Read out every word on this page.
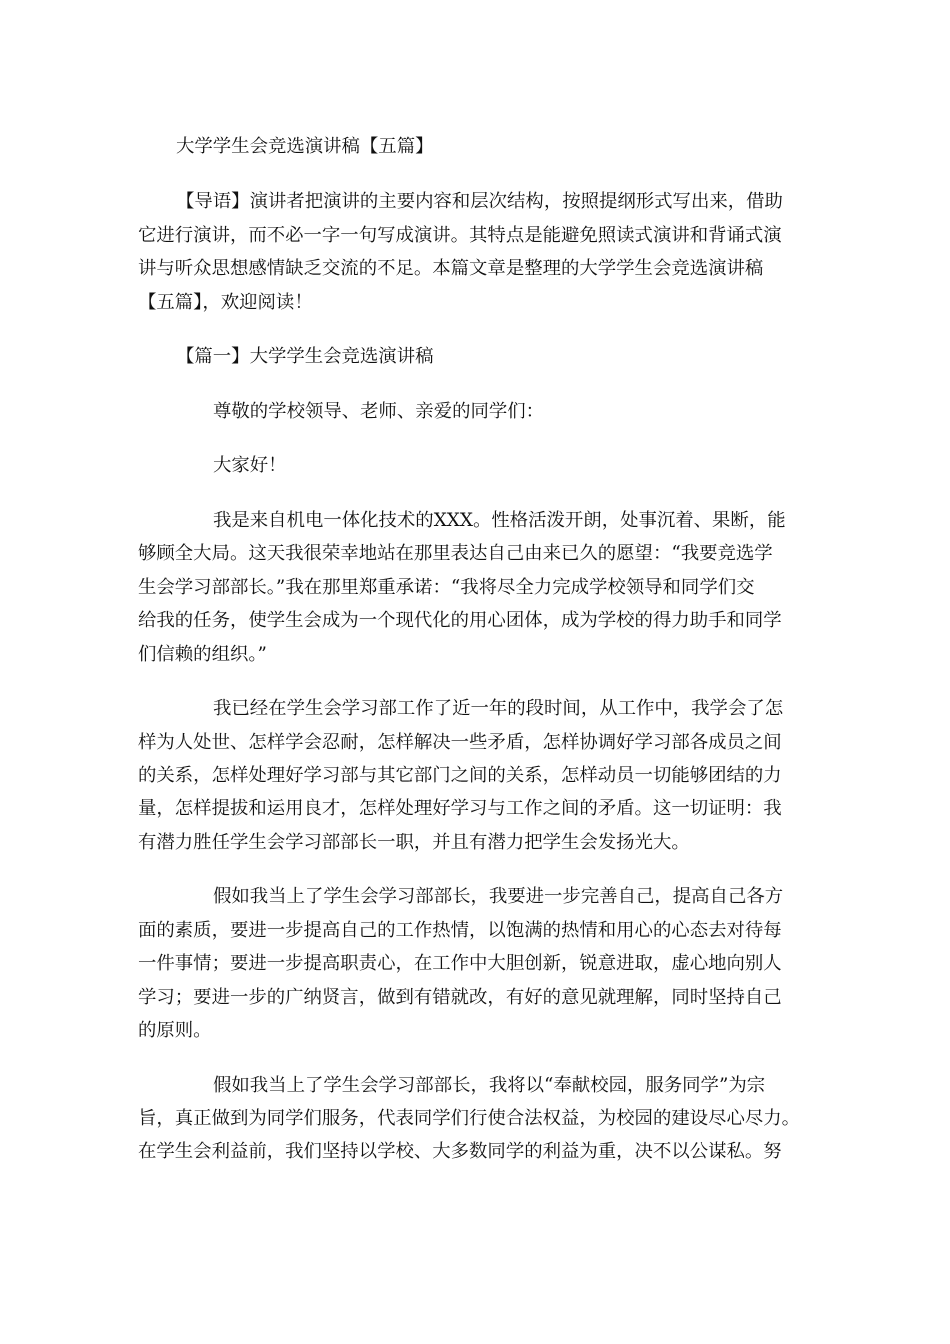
大学学生会竞选演讲稿【五篇】

【导语】演讲者把演讲的主要内容和层次结构，按照提纲形式写出来，借助

它进行演讲，而不必一字一句写成演讲。其特点是能避免照读式演讲和背诵式演

讲与听众思想感情缺乏交流的不足。本篇文章是整理的大学学生会竞选演讲稿

【五篇】，欢迎阅读！

【篇一】大学学生会竞选演讲稿

尊敬的学校领导、老师、亲爱的同学们：

大家好！

我是来自机电一体化技术的XXX。性格活泼开朗，处事沉着、果断，能

够顾全大局。这天我很荣幸地站在那里表达自己由来已久的愿望：“我要竞选学

生会学习部部长。”我在那里郑重承诺：“我将尽全力完成学校领导和同学们交

给我的任务，使学生会成为一个现代化的用心团体，成为学校的得力助手和同学

们信赖的组织。”

我已经在学生会学习部工作了近一年的段时间，从工作中，我学会了怎

样为人处世、怎样学会忍耐，怎样解决一些矛盾，怎样协调好学习部各成员之间

的关系，怎样处理好学习部与其它部门之间的关系，怎样动员一切能够团结的力

量，怎样提拔和运用良才，怎样处理好学习与工作之间的矛盾。这一切证明：我

有潜力胜任学生会学习部部长一职，并且有潜力把学生会发扬光大。

假如我当上了学生会学习部部长，我要进一步完善自己，提高自己各方

面的素质，要进一步提高自己的工作热情，以饱满的热情和用心的心态去对待每

一件事情；要进一步提高职责心，在工作中大胆创新，锐意进取，虚心地向别人

学习；要进一步的广纳贤言，做到有错就改，有好的意见就理解，同时坚持自己

的原则。

假如我当上了学生会学习部部长，我将以“奉献校园，服务同学”为宗

旨，真正做到为同学们服务，代表同学们行使合法权益，为校园的建设尽心尽力。

在学生会利益前，我们坚持以学校、大多数同学的利益为重，决不以公谋私。努
